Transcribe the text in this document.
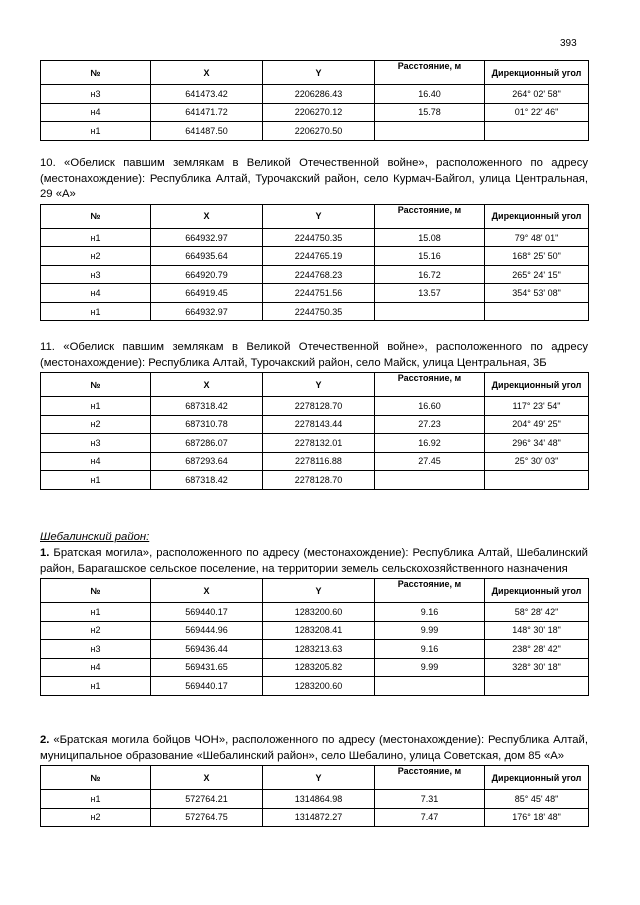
393
№	X	Y	Расстояние, м	Дирекционный угол
н3	641473.42	2206286.43	16.40	264° 02' 58"
н4	641471.72	2206270.12	15.78	01° 22' 46"
н1	641487.50	2206270.50		

10. «Обелиск павшим землякам в Великой Отечественной войне», расположенного по адресу (местонахождение): Республика Алтай, Турочакский район, село Курмач-Байгол, улица Центральная, 29 «А»

№	X	Y	Расстояние, м	Дирекционный угол
н1	664932.97	2244750.35	15.08	79° 48' 01"
н2	664935.64	2244765.19	15.16	168° 25' 50"
н3	664920.79	2244768.23	16.72	265° 24' 15"
н4	664919.45	2244751.56	13.57	354° 53' 08"
н1	664932.97	2244750.35		

11. «Обелиск павшим землякам в Великой Отечественной войне», расположенного по адресу (местонахождение): Республика Алтай, Турочакский район, село Майск, улица Центральная, 3Б

№	X	Y	Расстояние, м	Дирекционный угол
н1	687318.42	2278128.70	16.60	117° 23' 54"
н2	687310.78	2278143.44	27.23	204° 49' 25"
н3	687286.07	2278132.01	16.92	296° 34' 48"
н4	687293.64	2278116.88	27.45	25° 30' 03"
н1	687318.42	2278128.70		

Шебалинский район:

1. Братская могила», расположенного по адресу (местонахождение): Республика Алтай, Шебалинский район, Барагашское сельское поселение, на территории земель сельскохозяйственного назначения

№	X	Y	Расстояние, м	Дирекционный угол
н1	569440.17	1283200.60	9.16	58° 28' 42"
н2	569444.96	1283208.41	9.99	148° 30' 18"
н3	569436.44	1283213.63	9.16	238° 28' 42"
н4	569431.65	1283205.82	9.99	328° 30' 18"
н1	569440.17	1283200.60		

2. «Братская могила бойцов ЧОН», расположенного по адресу (местонахождение): Республика Алтай, муниципальное образование «Шебалинский район», село Шебалино, улица Советская, дом 85 «А»

№	X	Y	Расстояние, м	Дирекционный угол
н1	572764.21	1314864.98	7.31	85° 45' 48"
н2	572764.75	1314872.27	7.47	176° 18' 48"
